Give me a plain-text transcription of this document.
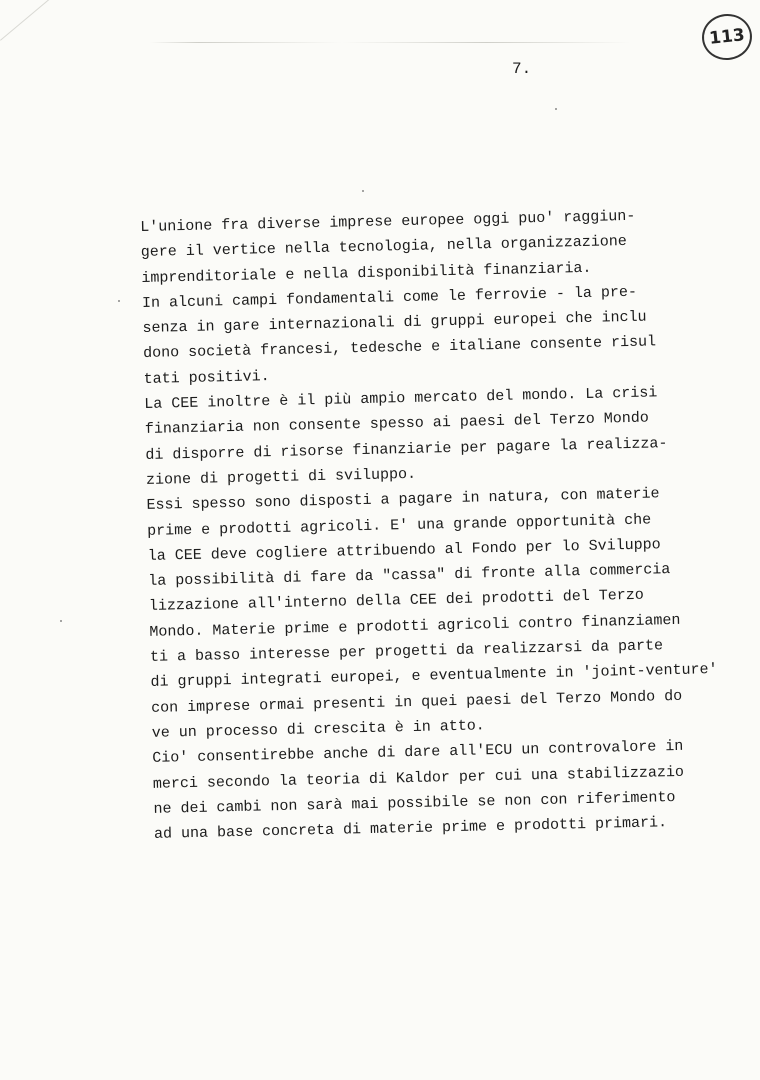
113
7.
L'unione fra diverse imprese europee oggi puo' raggiun-
gere il vertice nella tecnologia, nella organizzazione
imprenditoriale e nella disponibilità finanziaria.
In alcuni campi fondamentali come le ferrovie - la pre-
senza in gare internazionali di gruppi europei che inclu
dono società francesi, tedesche e italiane consente risul
tati positivi.
La CEE inoltre è il più ampio mercato del mondo. La crisi
finanziaria non consente spesso ai paesi del Terzo Mondo
di disporre di risorse finanziarie per pagare la realizza-
zione di progetti di sviluppo.
Essi spesso sono disposti a pagare in natura, con materie
prime e prodotti agricoli. E' una grande opportunità che
la CEE deve cogliere attribuendo al Fondo per lo Sviluppo
la possibilità di fare da "cassa" di fronte alla commercia
lizzazione all'interno della CEE dei prodotti del Terzo
Mondo. Materie prime e prodotti agricoli contro finanziamen
ti a basso interesse per progetti da realizzarsi da parte
di gruppi integrati europei, e eventualmente in 'joint-venture'
con imprese ormai presenti in quei paesi del Terzo Mondo do
ve un processo di crescita è in atto.
Cio' consentirebbe anche di dare all'ECU un controvalore in
merci secondo la teoria di Kaldor per cui una stabilizzazio
ne dei cambi non sarà mai possibile se non con riferimento
ad una base concreta di materie prime e prodotti primari.
